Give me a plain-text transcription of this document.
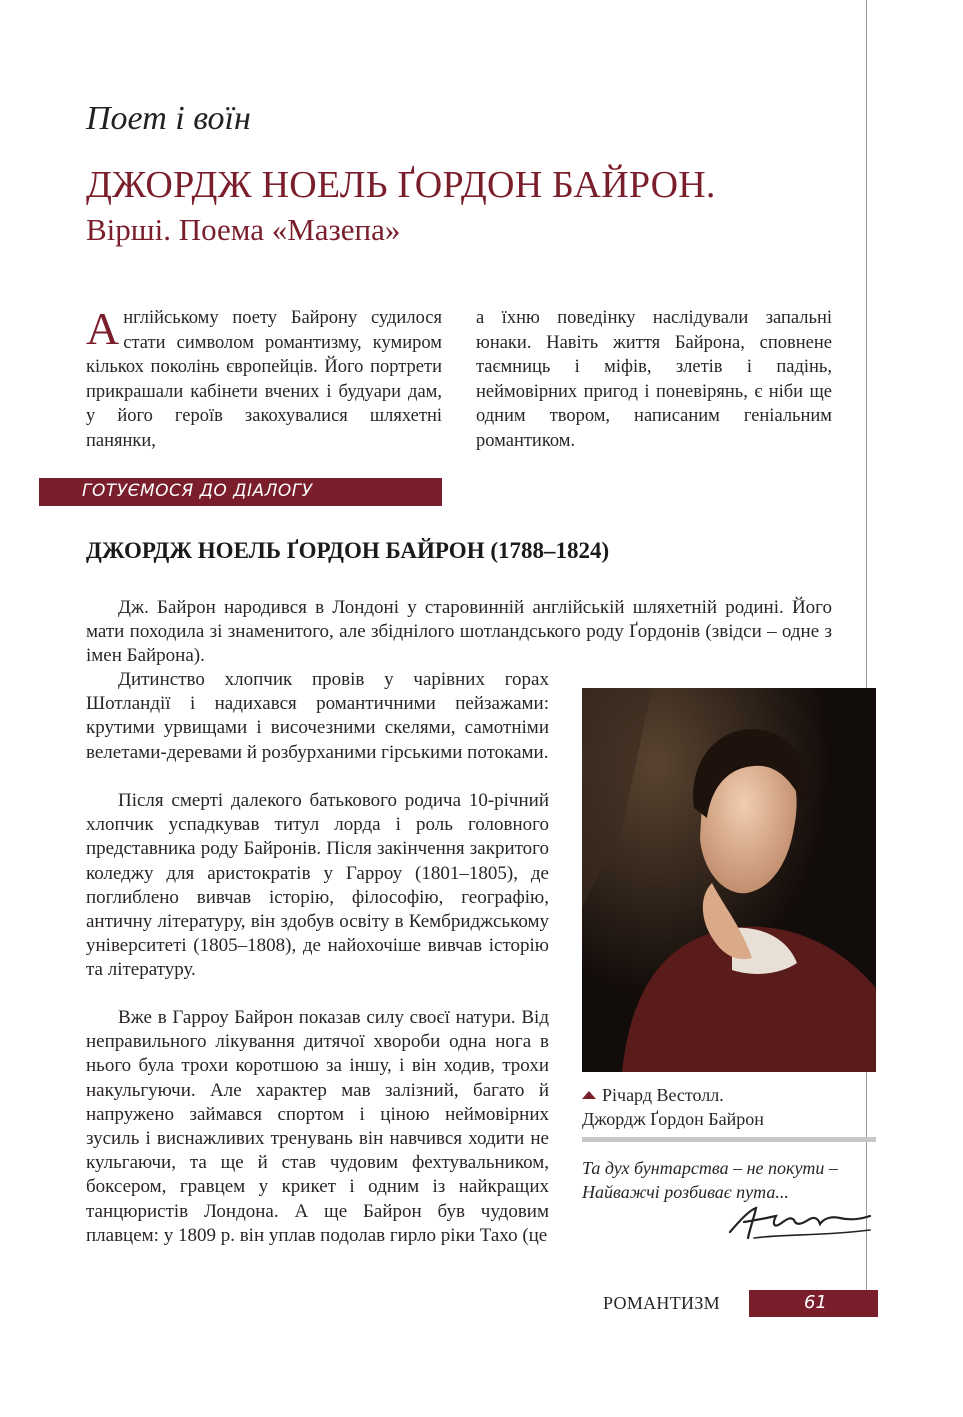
Поет і воїн
ДЖОРДЖ НОЕЛЬ ҐОРДОН БАЙРОН.
Вірші. Поема «Мазепа»
Англійському поету Байрону судилося стати символом романтизму, кумиром кількох поколінь європейців. Його портрети прикрашали кабінети вчених і будуари дам, у його героїв закохувалися шляхетні панянки,
а їхню поведінку наслідували запальні юнаки. Навіть життя Байрона, сповнене таємниць і міфів, злетів і падінь, неймовірних пригод і поневірянь, є ніби ще одним твором, написаним геніальним романтиком.
ГОТУЄМОСЯ ДО ДІАЛОГУ
ДЖОРДЖ НОЕЛЬ ҐОРДОН БАЙРОН (1788–1824)

Дж. Байрон народився в Лондоні у старовинній англійській шляхетній родині. Його мати походила зі знаменитого, але збіднілого шотландського роду Ґордонів (звідси – одне з імен Байрона).

Дитинство хлопчик провів у чарівних горах Шотландії і надихався романтичними пейзажами: крутими урвищами і височезними скелями, самотніми велетами-деревами й розбурханими гірськими потоками.

Після смерті далекого батькового родича 10-річний хлопчик успадкував титул лорда і роль головного представника роду Байронів. Після закінчення закритого коледжу для аристократів у Гарроу (1801–1805), де поглиблено вивчав історію, філософію, географію, античну літературу, він здобув освіту в Кембриджському університеті (1805–1808), де найохочіше вивчав історію та літературу.

Вже в Гарроу Байрон показав силу своєї натури. Від неправильного лікування дитячої хвороби одна нога в нього була трохи коротшою за іншу, і він ходив, трохи накульгуючи. Але характер мав залізний, багато й напружено займався спортом і ціною неймовірних зусиль і виснажливих тренувань він навчився ходити не кульгаючи, та ще й став чудовим фехтувальником, боксером, гравцем у крикет і одним із найкращих танцюристів Лондона. А ще Байрон був чудовим плавцем: у 1809 р. він уплав подолав гирло ріки Тахо (це

Річард Вестолл.
Джордж Ґордон Байрон
Та дух бунтарства – не покути –
Найважчі розбиває пута...
РОМАНТИЗМ	61
